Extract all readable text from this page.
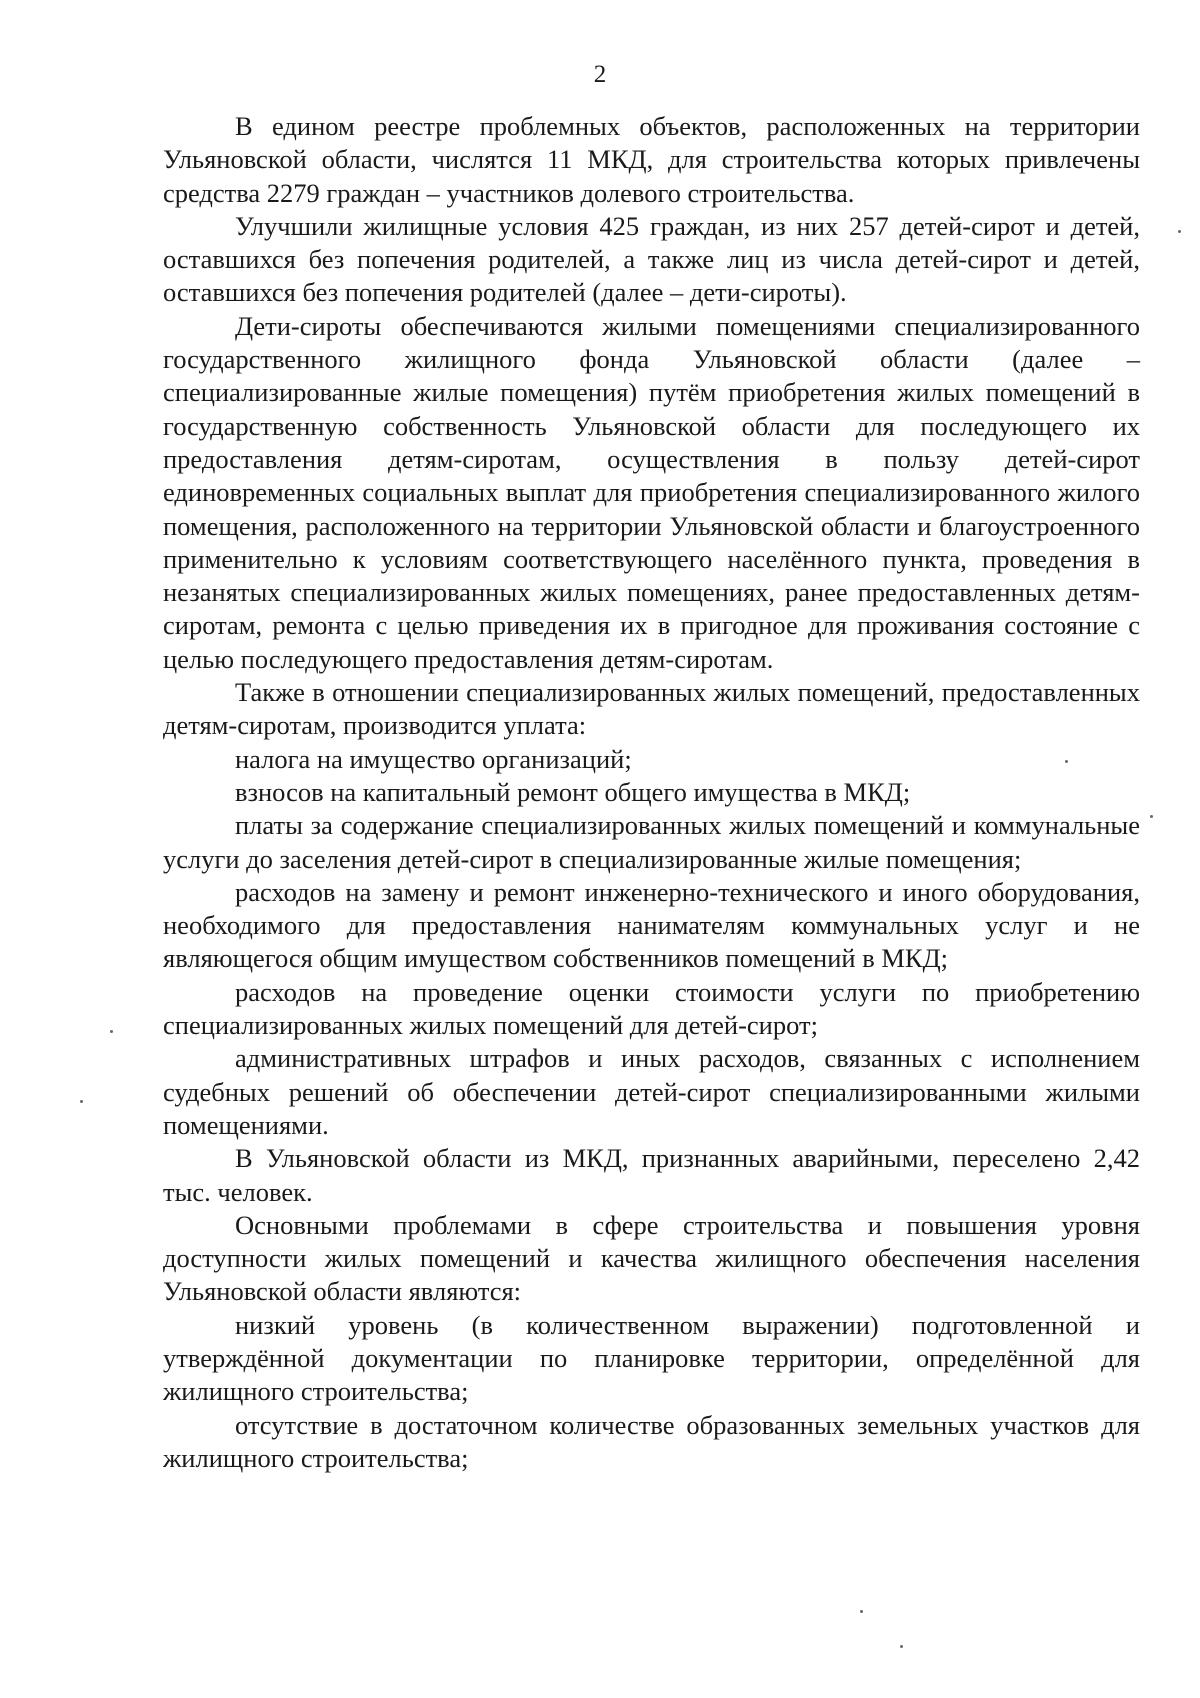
2

В едином реестре проблемных объектов, расположенных на территории Ульяновской области, числятся 11 МКД, для строительства которых привлечены средства 2279 граждан – участников долевого строительства.

Улучшили жилищные условия 425 граждан, из них 257 детей-сирот и детей, оставшихся без попечения родителей, а также лиц из числа детей-сирот и детей, оставшихся без попечения родителей (далее – дети-сироты).

Дети-сироты обеспечиваются жилыми помещениями специализированного государственного жилищного фонда Ульяновской области (далее – специализированные жилые помещения) путём приобретения жилых помещений в государственную собственность Ульяновской области для последующего их предоставления детям-сиротам, осуществления в пользу детей-сирот единовременных социальных выплат для приобретения специализированного жилого помещения, расположенного на территории Ульяновской области и благоустроенного применительно к условиям соответствующего населённого пункта, проведения в незанятых специализированных жилых помещениях, ранее предоставленных детям-сиротам, ремонта с целью приведения их в пригодное для проживания состояние с целью последующего предоставления детям-сиротам.

Также в отношении специализированных жилых помещений, предоставленных детям-сиротам, производится уплата:

налога на имущество организаций;

взносов на капитальный ремонт общего имущества в МКД;

платы за содержание специализированных жилых помещений и коммунальные услуги до заселения детей-сирот в специализированные жилые помещения;

расходов на замену и ремонт инженерно-технического и иного оборудования, необходимого для предоставления нанимателям коммунальных услуг и не являющегося общим имуществом собственников помещений в МКД;

расходов на проведение оценки стоимости услуги по приобретению специализированных жилых помещений для детей-сирот;

административных штрафов и иных расходов, связанных с исполнением судебных решений об обеспечении детей-сирот специализированными жилыми помещениями.

В Ульяновской области из МКД, признанных аварийными, переселено 2,42 тыс. человек.

Основными проблемами в сфере строительства и повышения уровня доступности жилых помещений и качества жилищного обеспечения населения Ульяновской области являются:

низкий уровень (в количественном выражении) подготовленной и утверждённой документации по планировке территории, определённой для жилищного строительства;

отсутствие в достаточном количестве образованных земельных участков для жилищного строительства;
